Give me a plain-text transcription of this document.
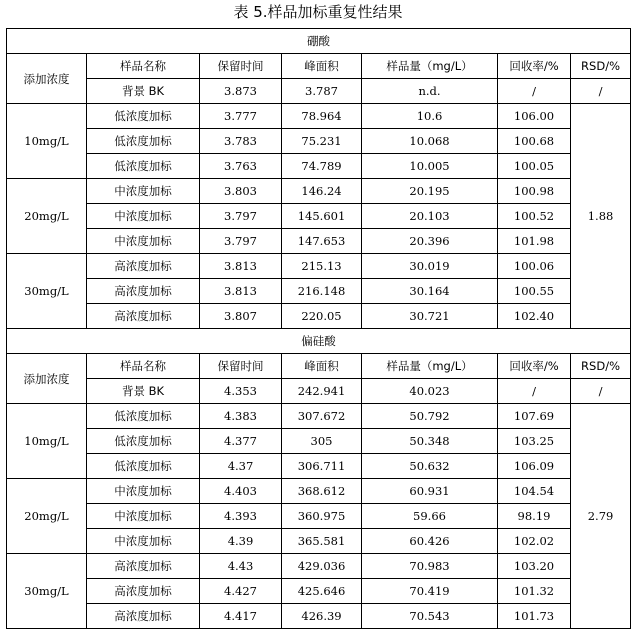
表 5.样品加标重复性结果
硼酸						
添加浓度	样品名称	保留时间	峰面积	样品量（mg/L）	回收率/%	RSD/%
	背景 BK	3.873	3.787	n.d.	/	/
10mg/L	低浓度加标	3.777	78.964	10.6	106.00	1.88
	低浓度加标	3.783	75.231	10.068	100.68	
	低浓度加标	3.763	74.789	10.005	100.05	
20mg/L	中浓度加标	3.803	146.24	20.195	100.98	
	中浓度加标	3.797	145.601	20.103	100.52	
	中浓度加标	3.797	147.653	20.396	101.98	
30mg/L	高浓度加标	3.813	215.13	30.019	100.06	
	高浓度加标	3.813	216.148	30.164	100.55	
	高浓度加标	3.807	220.05	30.721	102.40	
偏硅酸						
添加浓度	样品名称	保留时间	峰面积	样品量（mg/L）	回收率/%	RSD/%
	背景 BK	4.353	242.941	40.023	/	/
10mg/L	低浓度加标	4.383	307.672	50.792	107.69	2.79
	低浓度加标	4.377	305	50.348	103.25	
	低浓度加标	4.37	306.711	50.632	106.09	
20mg/L	中浓度加标	4.403	368.612	60.931	104.54	
	中浓度加标	4.393	360.975	59.66	98.19	
	中浓度加标	4.39	365.581	60.426	102.02	
30mg/L	高浓度加标	4.43	429.036	70.983	103.20	
	高浓度加标	4.427	425.646	70.419	101.32	
	高浓度加标	4.417	426.39	70.543	101.73	
